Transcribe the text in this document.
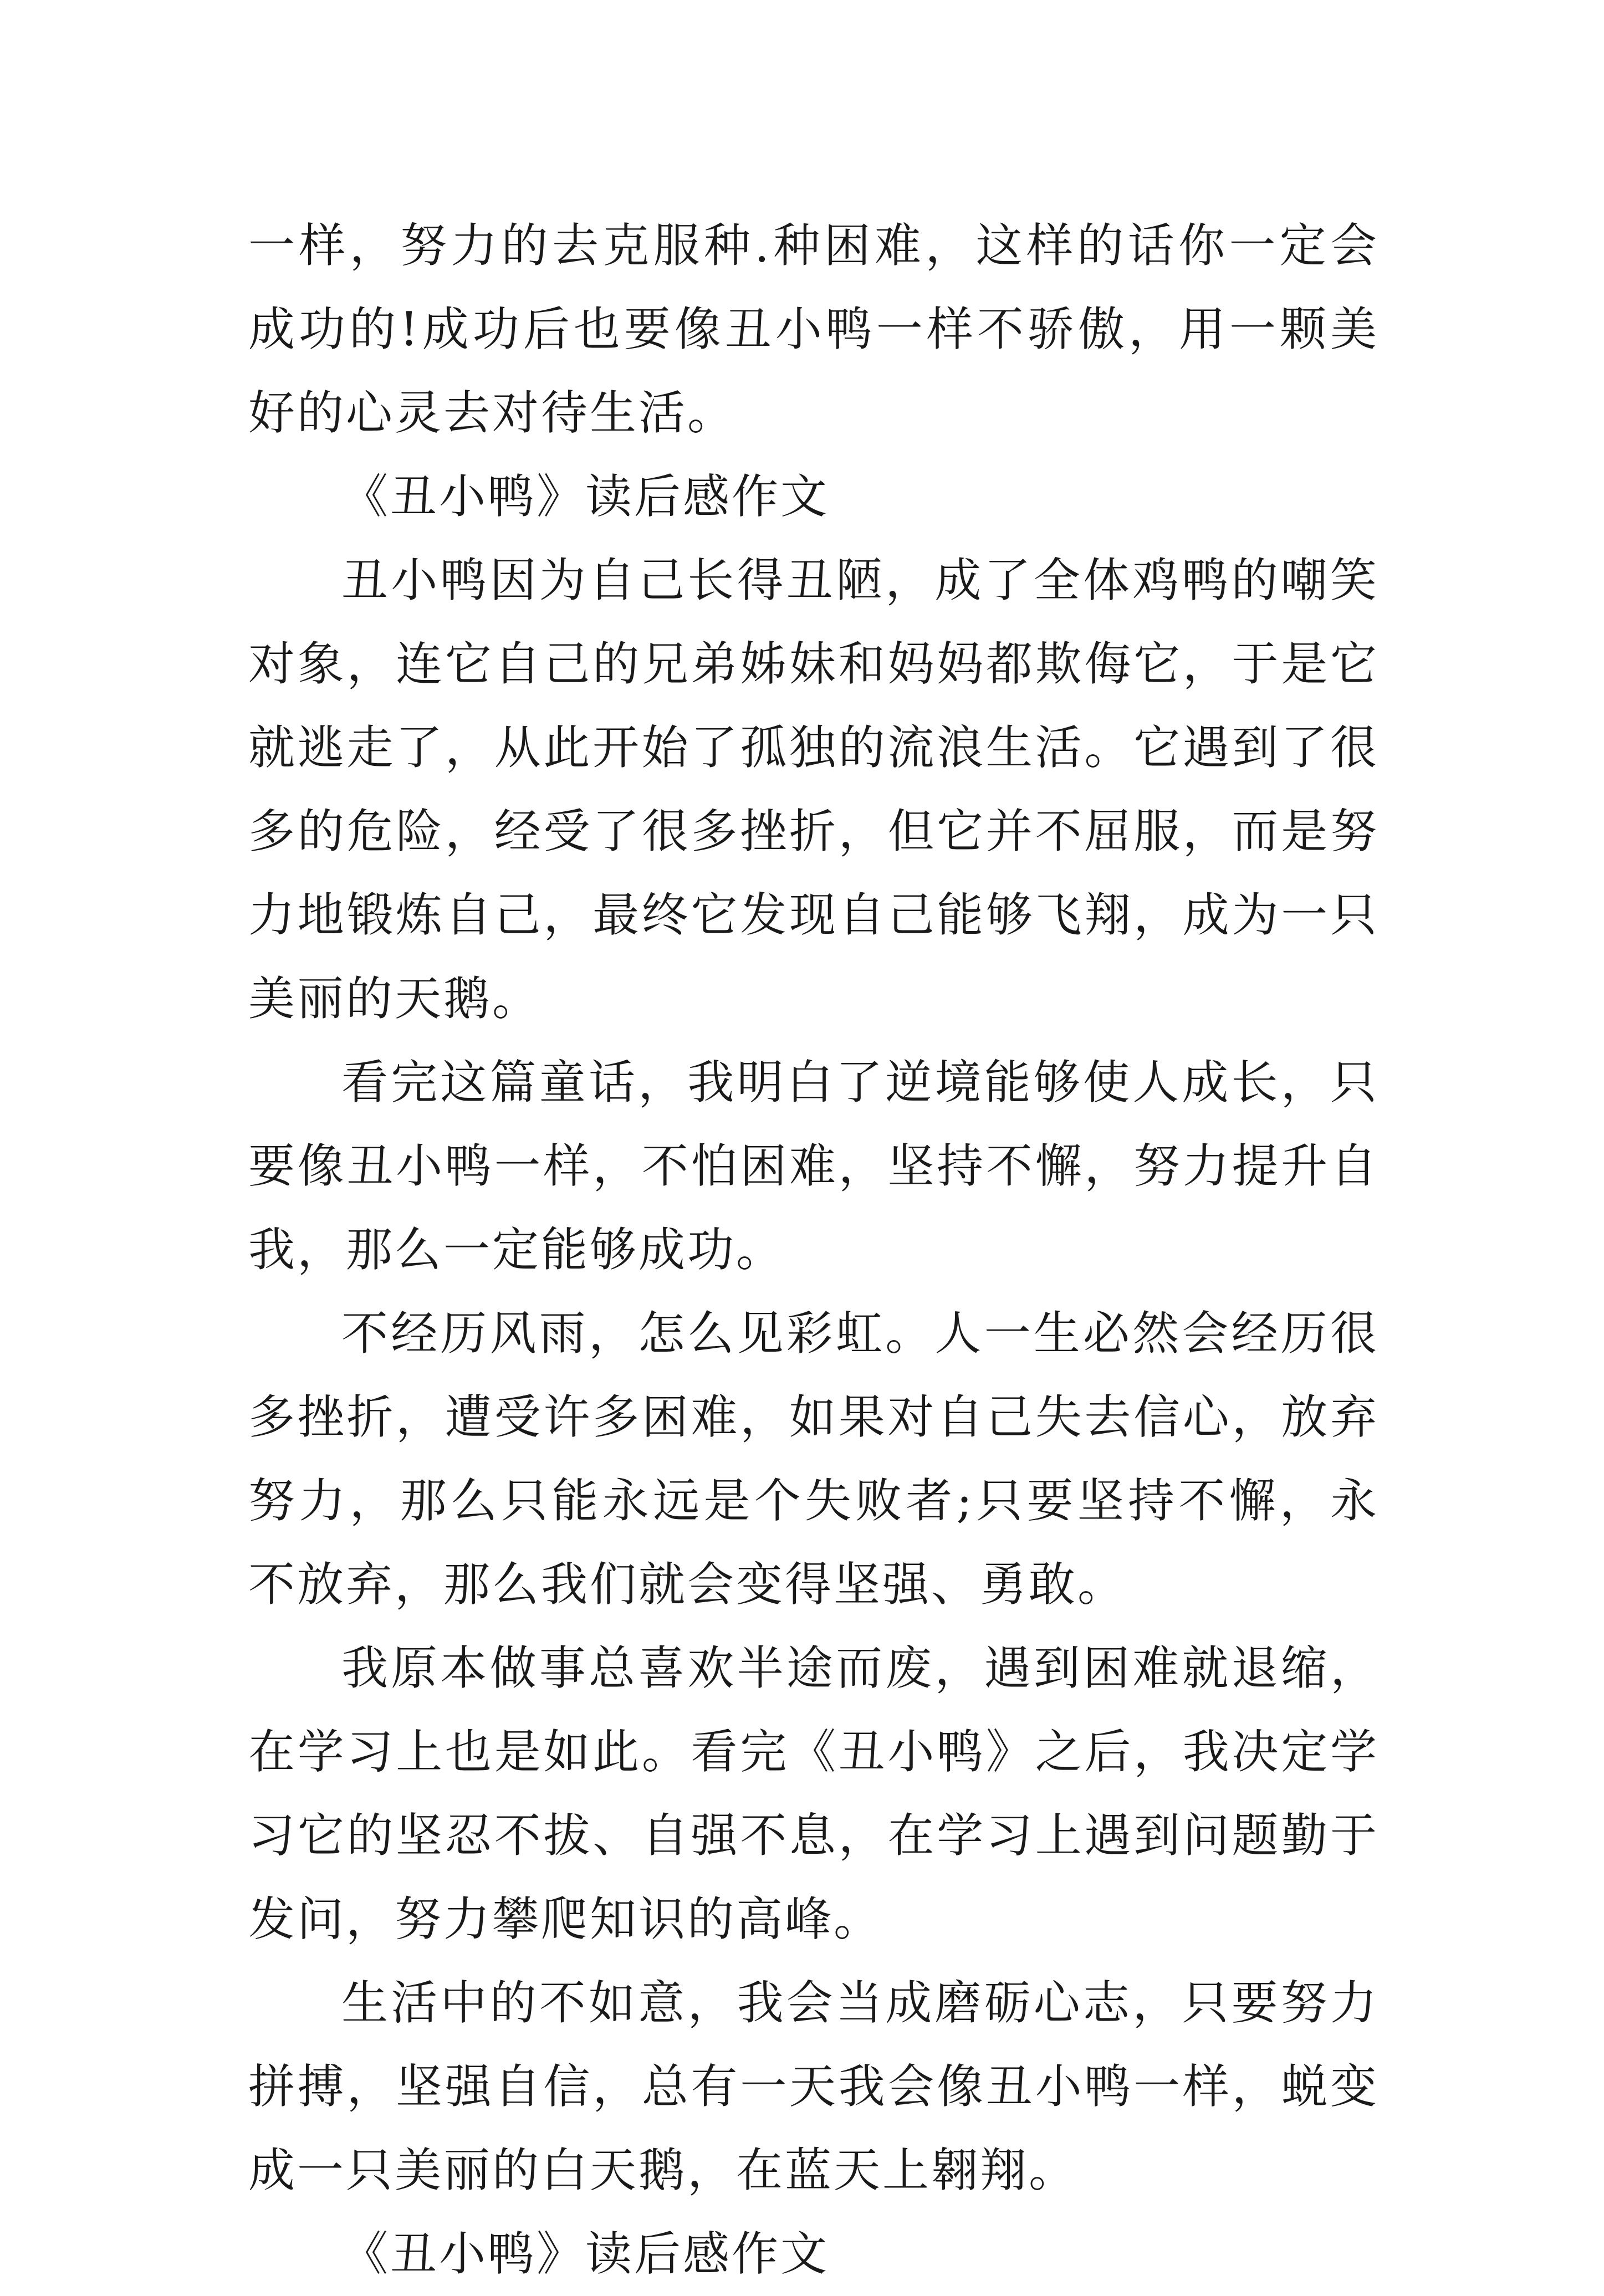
一样，努力的去克服种.种困难，这样的话你一定会成功的!成功后也要像丑小鸭一样不骄傲，用一颗美好的心灵去对待生活。

《丑小鸭》读后感作文

丑小鸭因为自己长得丑陋，成了全体鸡鸭的嘲笑对象，连它自己的兄弟姊妹和妈妈都欺侮它，于是它就逃走了，从此开始了孤独的流浪生活。它遇到了很多的危险，经受了很多挫折，但它并不屈服，而是努力地锻炼自己，最终它发现自己能够飞翔，成为一只美丽的天鹅。

看完这篇童话，我明白了逆境能够使人成长，只要像丑小鸭一样，不怕困难，坚持不懈，努力提升自我，那么一定能够成功。

不经历风雨，怎么见彩虹。人一生必然会经历很多挫折，遭受许多困难，如果对自己失去信心，放弃努力，那么只能永远是个失败者;只要坚持不懈，永不放弃，那么我们就会变得坚强、勇敢。

我原本做事总喜欢半途而废，遇到困难就退缩，在学习上也是如此。看完《丑小鸭》之后，我决定学习它的坚忍不拔、自强不息，在学习上遇到问题勤于发问，努力攀爬知识的高峰。

生活中的不如意，我会当成磨砺心志，只要努力拼搏，坚强自信，总有一天我会像丑小鸭一样，蜕变成一只美丽的白天鹅，在蓝天上翱翔。

《丑小鸭》读后感作文
